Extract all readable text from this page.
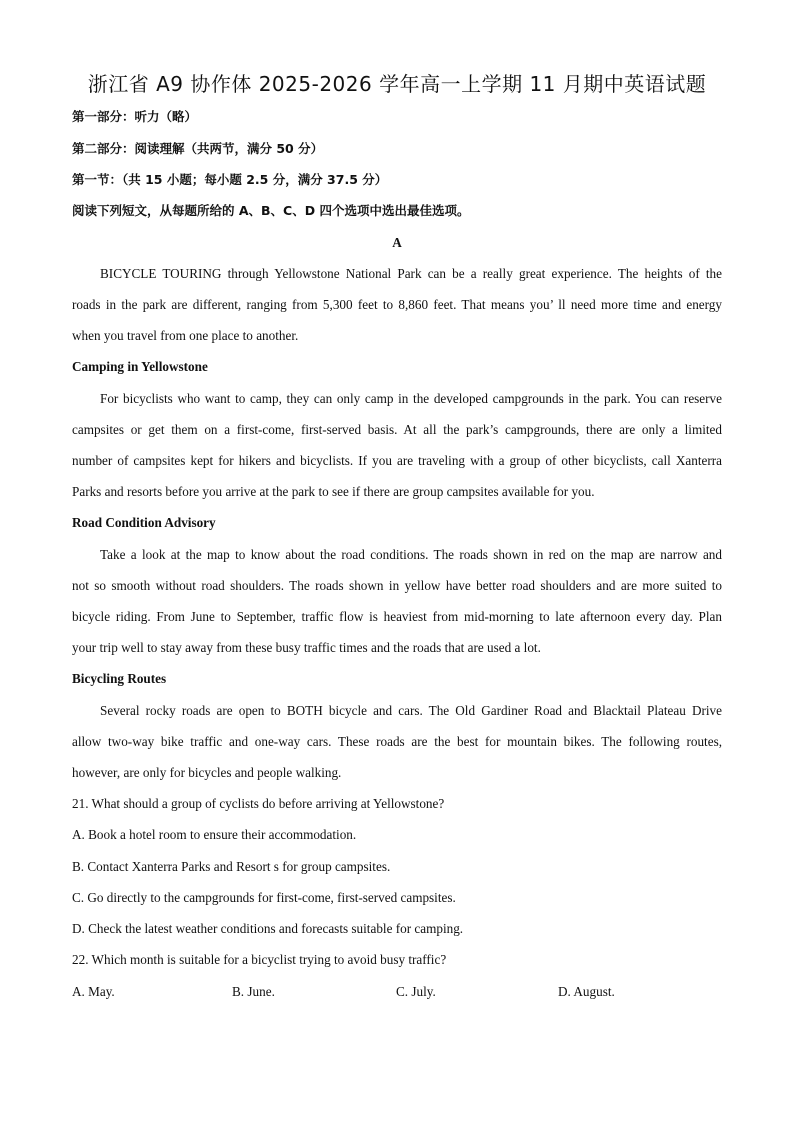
浙江省 A9 协作体 2025-2026 学年高一上学期 11 月期中英语试题
第一部分：听力（略）
第二部分：阅读理解（共两节，满分 50 分）
第一节：（共 15 小题；每小题 2.5 分，满分 37.5 分）
阅读下列短文，从每题所给的 A、B、C、D 四个选项中选出最佳选项。
A
BICYCLE TOURING through Yellowstone National Park can be a really great experience. The heights of the
roads in the park are different, ranging from 5,300 feet to 8,860 feet. That means you’ ll need more time and energy
when you travel from one place to another.
Camping in Yellowstone
For bicyclists who want to camp, they can only camp in the developed campgrounds in the park. You can reserve
campsites or get them on a first-come, first-served basis. At all the park’s campgrounds, there are only a limited
number of campsites kept for hikers and bicyclists. If you are traveling with a group of other bicyclists, call Xanterra
Parks and resorts before you arrive at the park to see if there are group campsites available for you.
Road Condition Advisory
Take a look at the map to know about the road conditions. The roads shown in red on the map are narrow and
not so smooth without road shoulders. The roads shown in yellow have better road shoulders and are more suited to
bicycle riding. From June to September, traffic flow is heaviest from mid-morning to late afternoon every day. Plan
your trip well to stay away from these busy traffic times and the roads that are used a lot.
Bicycling Routes
Several rocky roads are open to BOTH bicycle and cars. The Old Gardiner Road and Blacktail Plateau Drive
allow two-way bike traffic and one-way cars. These roads are the best for mountain bikes. The following routes,
however, are only for bicycles and people walking.
21. What should a group of cyclists do before arriving at Yellowstone?
A. Book a hotel room to ensure their accommodation.
B. Contact Xanterra Parks and Resort s for group campsites.
C. Go directly to the campgrounds for first-come, first-served campsites.
D. Check the latest weather conditions and forecasts suitable for camping.
22. Which month is suitable for a bicyclist trying to avoid busy traffic?
A. May.	B. June.	C. July.	D. August.
